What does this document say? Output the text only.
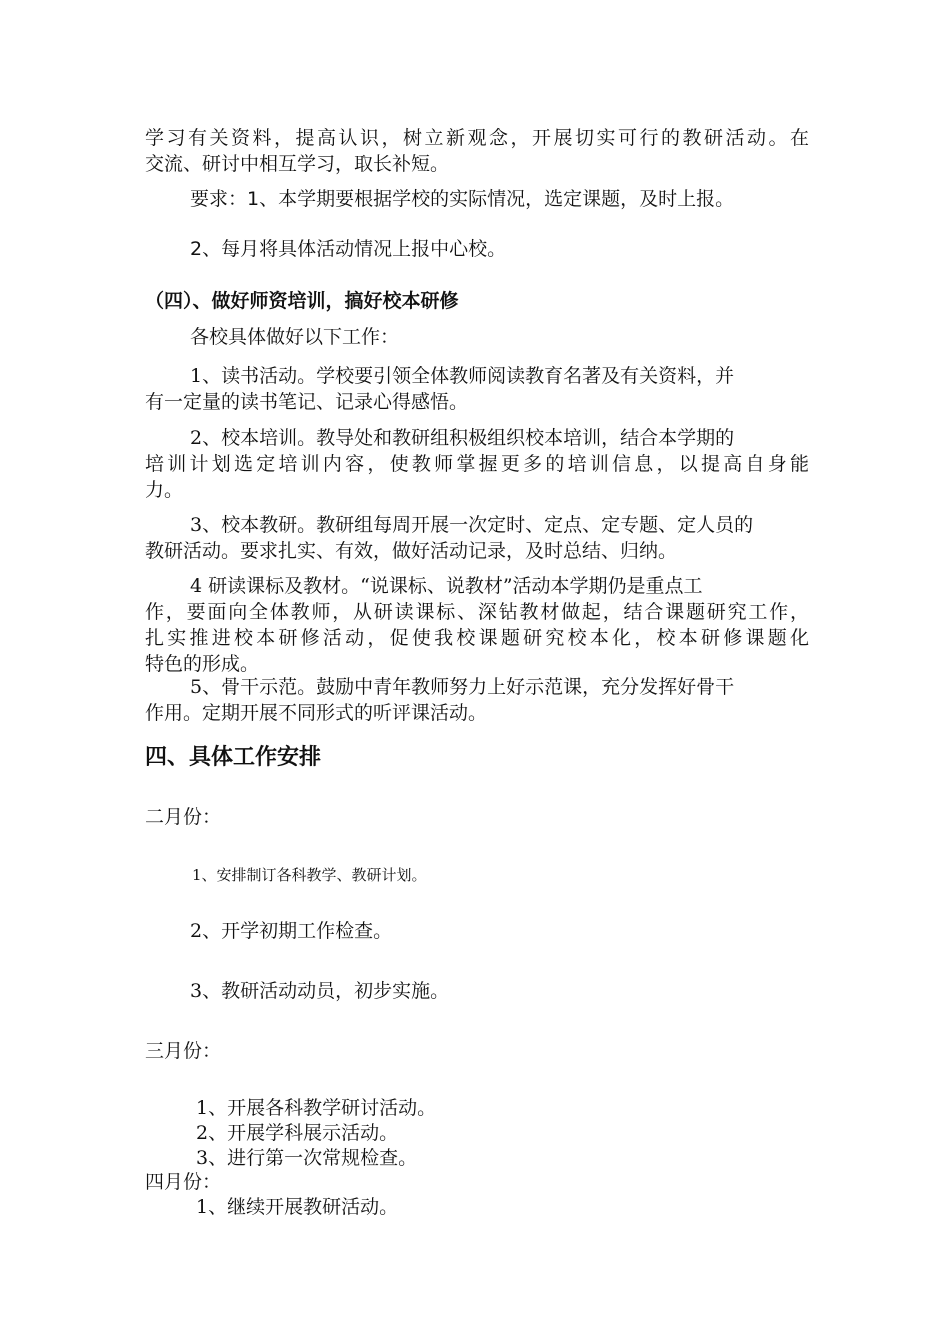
学习有关资料，提高认识，树立新观念，开展切实可行的教研活动。在
交流、研讨中相互学习，取长补短。
要求：1、本学期要根据学校的实际情况，选定课题，及时上报。
2、每月将具体活动情况上报中心校。
（四）、做好师资培训，搞好校本研修
各校具体做好以下工作：
1、读书活动。学校要引领全体教师阅读教育名著及有关资料，并
有一定量的读书笔记、记录心得感悟。
2、校本培训。教导处和教研组积极组织校本培训，结合本学期的
培训计划选定培训内容，使教师掌握更多的培训信息，以提高自身能
力。
3、校本教研。教研组每周开展一次定时、定点、定专题、定人员的
教研活动。要求扎实、有效，做好活动记录，及时总结、归纳。
4 研读课标及教材。“说课标、说教材”活动本学期仍是重点工
作，要面向全体教师，从研读课标、深钻教材做起，结合课题研究工作，
扎实推进校本研修活动，促使我校课题研究校本化，校本研修课题化
特色的形成。
5、骨干示范。鼓励中青年教师努力上好示范课，充分发挥好骨干
作用。定期开展不同形式的听评课活动。
四、具体工作安排
二月份：
1、安排制订各科教学、教研计划。
2、开学初期工作检查。
3、教研活动动员，初步实施。
三月份：
1、开展各科教学研讨活动。
2、开展学科展示活动。
3、进行第一次常规检查。
四月份：
1、继续开展教研活动。
